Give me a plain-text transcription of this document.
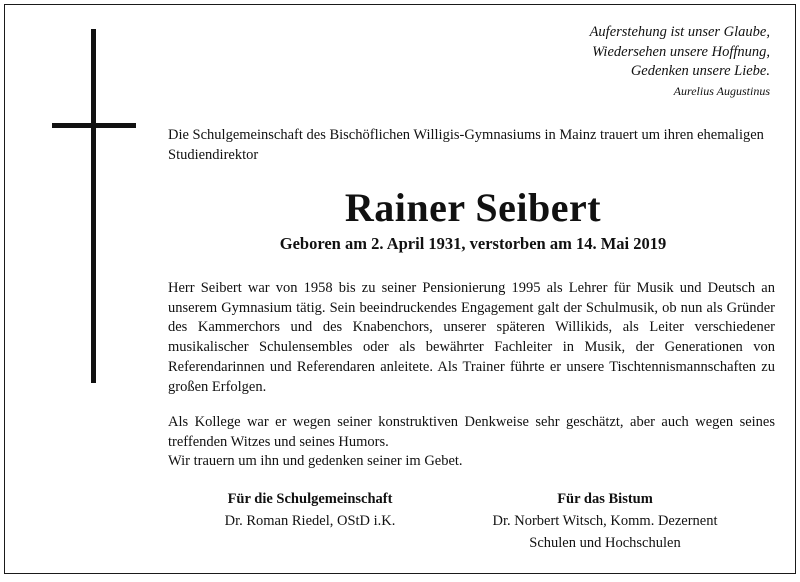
Auferstehung ist unser Glaube,
Wiedersehen unsere Hoffnung,
Gedenken unsere Liebe.
Aurelius Augustinus
Die Schulgemeinschaft des Bischöflichen Willigis-Gymnasiums in Mainz trauert um ihren ehemaligen Studiendirektor
Rainer Seibert
Geboren am 2. April 1931, verstorben am 14. Mai 2019
Herr Seibert war von 1958 bis zu seiner Pensionierung 1995 als Lehrer für Musik und Deutsch an unserem Gymnasium tätig. Sein beeindruckendes Engagement galt der Schulmusik, ob nun als Gründer des Kammerchors und des Knabenchors, unserer späteren Willikids, als Leiter verschiedener musikalischer Schulensembles oder als bewährter Fachleiter in Musik, der Generationen von Referendarinnen und Referendaren anleitete. Als Trainer führte er unsere Tischtennismannschaften zu großen Erfolgen.
Als Kollege war er wegen seiner konstruktiven Denkweise sehr geschätzt, aber auch wegen seines treffenden Witzes und seines Humors.
Wir trauern um ihn und gedenken seiner im Gebet.
Für die Schulgemeinschaft
Dr. Roman Riedel, OStD i.K.
Für das Bistum
Dr. Norbert Witsch, Komm. Dezernent
Schulen und Hochschulen
